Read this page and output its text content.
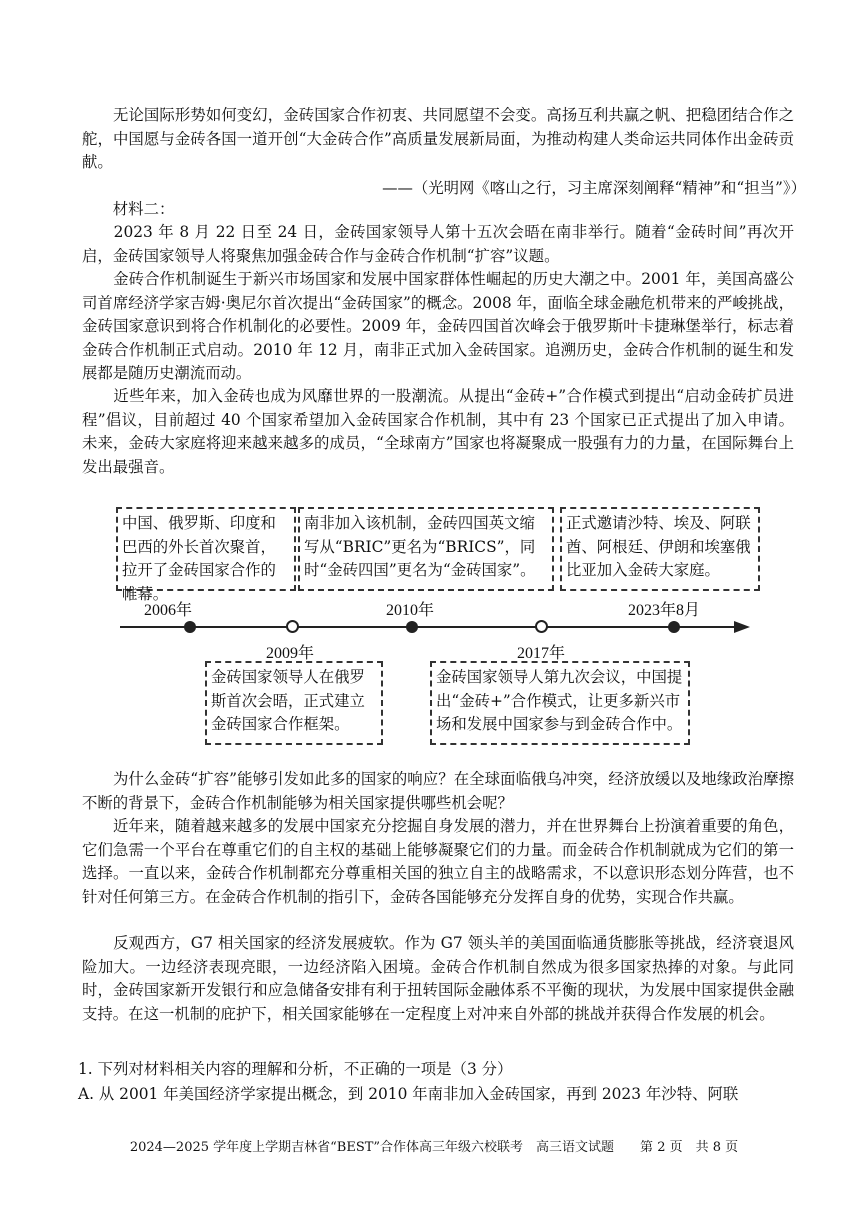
　　无论国际形势如何变幻，金砖国家合作初衷、共同愿望不会变。高扬互利共赢之帆、把稳团结合作之舵，中国愿与金砖各国一道开创“大金砖合作”高质量发展新局面，为推动构建人类命运共同体作出金砖贡献。

——（光明网《喀山之行，习主席深刻阐释“精神”和“担当”》）

　　材料二：

　　2023 年 8 月 22 日至 24 日，金砖国家领导人第十五次会晤在南非举行。随着“金砖时间”再次开启，金砖国家领导人将聚焦加强金砖合作与金砖合作机制“扩容”议题。

　　金砖合作机制诞生于新兴市场国家和发展中国家群体性崛起的历史大潮之中。2001 年，美国高盛公司首席经济学家吉姆·奥尼尔首次提出“金砖国家”的概念。2008 年，面临全球金融危机带来的严峻挑战，金砖国家意识到将合作机制化的必要性。2009 年，金砖四国首次峰会于俄罗斯叶卡捷琳堡举行，标志着金砖合作机制正式启动。2010 年 12 月，南非正式加入金砖国家。追溯历史，金砖合作机制的诞生和发展都是随历史潮流而动。

　　近些年来，加入金砖也成为风靡世界的一股潮流。从提出“金砖+”合作模式到提出“启动金砖扩员进程”倡议，目前超过 40 个国家希望加入金砖国家合作机制，其中有 23 个国家已正式提出了加入申请。未来，金砖大家庭将迎来越来越多的成员，“全球南方”国家也将凝聚成一股强有力的力量，在国际舞台上发出最强音。

中国、俄罗斯、印度和巴西的外长首次聚首，拉开了金砖国家合作的帷幕。
南非加入该机制，金砖四国英文缩写从“BRIC”更名为“BRICS”，同时“金砖四国”更名为“金砖国家”。
正式邀请沙特、埃及、阿联酋、阿根廷、伊朗和埃塞俄比亚加入金砖大家庭。
2006年	2010年	2023年8月
2009年	2017年
金砖国家领导人在俄罗斯首次会晤，正式建立金砖国家合作框架。
金砖国家领导人第九次会议，中国提出“金砖+”合作模式，让更多新兴市场和发展中国家参与到金砖合作中。

　　为什么金砖“扩容”能够引发如此多的国家的响应？在全球面临俄乌冲突，经济放缓以及地缘政治摩擦不断的背景下，金砖合作机制能够为相关国家提供哪些机会呢？

　　近年来，随着越来越多的发展中国家充分挖掘自身发展的潜力，并在世界舞台上扮演着重要的角色，它们急需一个平台在尊重它们的自主权的基础上能够凝聚它们的力量。而金砖合作机制就成为它们的第一选择。一直以来，金砖合作机制都充分尊重相关国的独立自主的战略需求，不以意识形态划分阵营，也不针对任何第三方。在金砖合作机制的指引下，金砖各国能够充分发挥自身的优势，实现合作共赢。

　　反观西方，G7 相关国家的经济发展疲软。作为 G7 领头羊的美国面临通货膨胀等挑战，经济衰退风险加大。一边经济表现亮眼，一边经济陷入困境。金砖合作机制自然成为很多国家热捧的对象。与此同时，金砖国家新开发银行和应急储备安排有利于扭转国际金融体系不平衡的现状，为发展中国家提供金融支持。在这一机制的庇护下，相关国家能够在一定程度上对冲来自外部的挑战并获得合作发展的机会。

1. 下列对材料相关内容的理解和分析，不正确的一项是（3 分）

A. 从 2001 年美国经济学家提出概念，到 2010 年南非加入金砖国家，再到 2023 年沙特、阿联

2024—2025 学年度上学期吉林省“BEST”合作体高三年级六校联考　高三语文试题　　第 2 页　共 8 页
